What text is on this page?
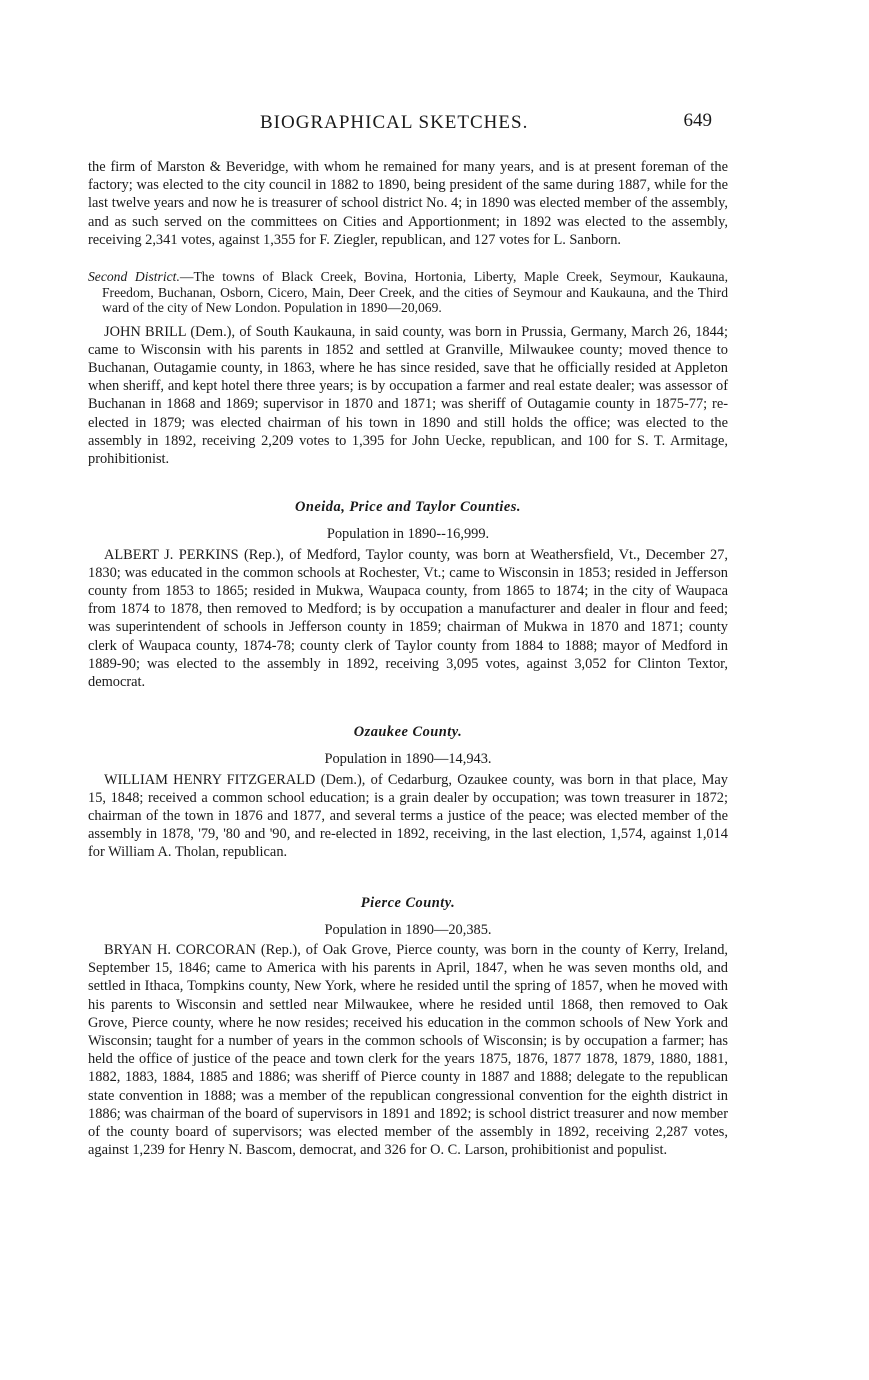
BIOGRAPHICAL SKETCHES.	649

the firm of Marston & Beveridge, with whom he remained for many years, and is at present foreman of the factory; was elected to the city council in 1882 to 1890, being president of the same during 1887, while for the last twelve years and now he is treasurer of school district No. 4; in 1890 was elected member of the assembly, and as such served on the committees on Cities and Apportionment; in 1892 was elected to the assembly, receiving 2,341 votes, against 1,355 for F. Ziegler, republican, and 127 votes for L. Sanborn.

Second District.—The towns of Black Creek, Bovina, Hortonia, Liberty, Maple Creek, Seymour, Kaukauna, Freedom, Buchanan, Osborn, Cicero, Main, Deer Creek, and the cities of Seymour and Kaukauna, and the Third ward of the city of New London. Population in 1890—20,069.

JOHN BRILL (Dem.), of South Kaukauna, in said county, was born in Prussia, Germany, March 26, 1844; came to Wisconsin with his parents in 1852 and settled at Granville, Milwaukee county; moved thence to Buchanan, Outagamie county, in 1863, where he has since resided, save that he officially resided at Appleton when sheriff, and kept hotel there three years; is by occupation a farmer and real estate dealer; was assessor of Buchanan in 1868 and 1869; supervisor in 1870 and 1871; was sheriff of Outagamie county in 1875-77; re-elected in 1879; was elected chairman of his town in 1890 and still holds the office; was elected to the assembly in 1892, receiving 2,209 votes to 1,395 for John Uecke, republican, and 100 for S. T. Armitage, prohibitionist.

Oneida, Price and Taylor Counties.

Population in 1890--16,999.

ALBERT J. PERKINS (Rep.), of Medford, Taylor county, was born at Weathersfield, Vt., December 27, 1830; was educated in the common schools at Rochester, Vt.; came to Wisconsin in 1853; resided in Jefferson county from 1853 to 1865; resided in Mukwa, Waupaca county, from 1865 to 1874; in the city of Waupaca from 1874 to 1878, then removed to Medford; is by occupation a manufacturer and dealer in flour and feed; was superintendent of schools in Jefferson county in 1859; chairman of Mukwa in 1870 and 1871; county clerk of Waupaca county, 1874-78; county clerk of Taylor county from 1884 to 1888; mayor of Medford in 1889-90; was elected to the assembly in 1892, receiving 3,095 votes, against 3,052 for Clinton Textor, democrat.

Ozaukee County.

Population in 1890—14,943.

WILLIAM HENRY FITZGERALD (Dem.), of Cedarburg, Ozaukee county, was born in that place, May 15, 1848; received a common school education; is a grain dealer by occupation; was town treasurer in 1872; chairman of the town in 1876 and 1877, and several terms a justice of the peace; was elected member of the assembly in 1878, '79, '80 and '90, and re-elected in 1892, receiving, in the last election, 1,574, against 1,014 for William A. Tholan, republican.

Pierce County.

Population in 1890—20,385.

BRYAN H. CORCORAN (Rep.), of Oak Grove, Pierce county, was born in the county of Kerry, Ireland, September 15, 1846; came to America with his parents in April, 1847, when he was seven months old, and settled in Ithaca, Tompkins county, New York, where he resided until the spring of 1857, when he moved with his parents to Wisconsin and settled near Milwaukee, where he resided until 1868, then removed to Oak Grove, Pierce county, where he now resides; received his education in the common schools of New York and Wisconsin; taught for a number of years in the common schools of Wisconsin; is by occupation a farmer; has held the office of justice of the peace and town clerk for the years 1875, 1876, 1877 1878, 1879, 1880, 1881, 1882, 1883, 1884, 1885 and 1886; was sheriff of Pierce county in 1887 and 1888; delegate to the republican state convention in 1888; was a member of the republican congressional convention for the eighth district in 1886; was chairman of the board of supervisors in 1891 and 1892; is school district treasurer and now member of the county board of supervisors; was elected member of the assembly in 1892, receiving 2,287 votes, against 1,239 for Henry N. Bascom, democrat, and 326 for O. C. Larson, prohibitionist and populist.
